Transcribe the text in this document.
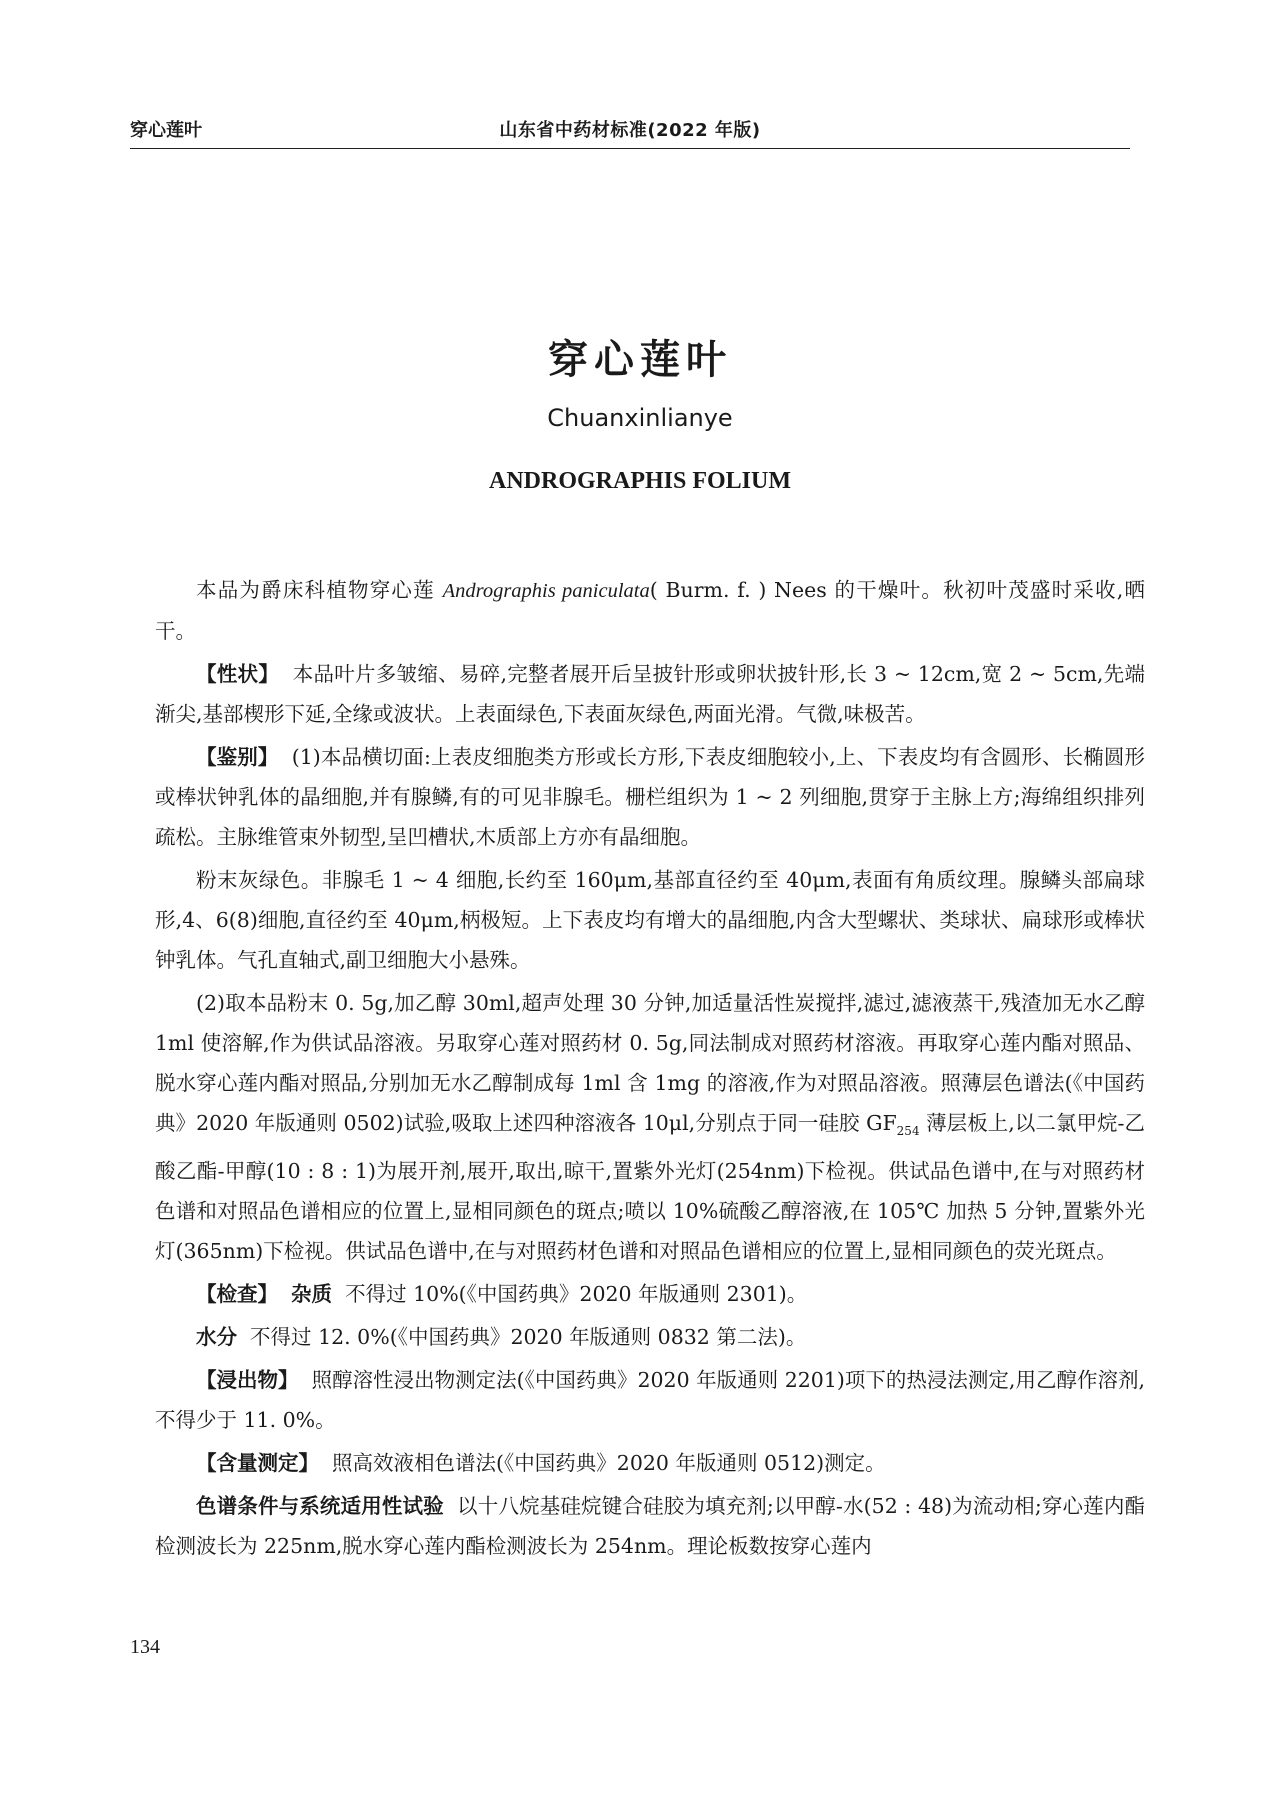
穿心莲叶	山东省中药材标准(2022 年版)
穿心莲叶
Chuanxinlianye
ANDROGRAPHIS FOLIUM

本品为爵床科植物穿心莲 Andrographis paniculata( Burm. f. ) Nees 的干燥叶。秋初叶茂盛时采收,晒干。

【性状】 本品叶片多皱缩、易碎,完整者展开后呈披针形或卵状披针形,长 3 ~ 12cm,宽 2 ~ 5cm,先端渐尖,基部楔形下延,全缘或波状。上表面绿色,下表面灰绿色,两面光滑。气微,味极苦。

【鉴别】 (1)本品横切面:上表皮细胞类方形或长方形,下表皮细胞较小,上、下表皮均有含圆形、长椭圆形或棒状钟乳体的晶细胞,并有腺鳞,有的可见非腺毛。栅栏组织为 1 ~ 2 列细胞,贯穿于主脉上方;海绵组织排列疏松。主脉维管束外韧型,呈凹槽状,木质部上方亦有晶细胞。

粉末灰绿色。非腺毛 1 ~ 4 细胞,长约至 160μm,基部直径约至 40μm,表面有角质纹理。腺鳞头部扁球形,4、6(8)细胞,直径约至 40μm,柄极短。上下表皮均有增大的晶细胞,内含大型螺状、类球状、扁球形或棒状钟乳体。气孔直轴式,副卫细胞大小悬殊。

(2)取本品粉末 0. 5g,加乙醇 30ml,超声处理 30 分钟,加适量活性炭搅拌,滤过,滤液蒸干,残渣加无水乙醇 1ml 使溶解,作为供试品溶液。另取穿心莲对照药材 0. 5g,同法制成对照药材溶液。再取穿心莲内酯对照品、脱水穿心莲内酯对照品,分别加无水乙醇制成每 1ml 含 1mg 的溶液,作为对照品溶液。照薄层色谱法(《中国药典》2020 年版通则 0502)试验,吸取上述四种溶液各 10μl,分别点于同一硅胶 $GF_{254}$ 薄层板上,以二氯甲烷-乙酸乙酯-甲醇(10 : 8 : 1)为展开剂,展开,取出,晾干,置紫外光灯(254nm)下检视。供试品色谱中,在与对照药材色谱和对照品色谱相应的位置上,显相同颜色的斑点;喷以 10%硫酸乙醇溶液,在 105℃ 加热 5 分钟,置紫外光灯(365nm)下检视。供试品色谱中,在与对照药材色谱和对照品色谱相应的位置上,显相同颜色的荧光斑点。

【检查】 杂质 不得过 10%(《中国药典》2020 年版通则 2301)。

水分 不得过 12. 0%(《中国药典》2020 年版通则 0832 第二法)。

【浸出物】 照醇溶性浸出物测定法(《中国药典》2020 年版通则 2201)项下的热浸法测定,用乙醇作溶剂,不得少于 11. 0%。

【含量测定】 照高效液相色谱法(《中国药典》2020 年版通则 0512)测定。

色谱条件与系统适用性试验 以十八烷基硅烷键合硅胶为填充剂;以甲醇-水(52 : 48)为流动相;穿心莲内酯检测波长为 225nm,脱水穿心莲内酯检测波长为 254nm。理论板数按穿心莲内

134
